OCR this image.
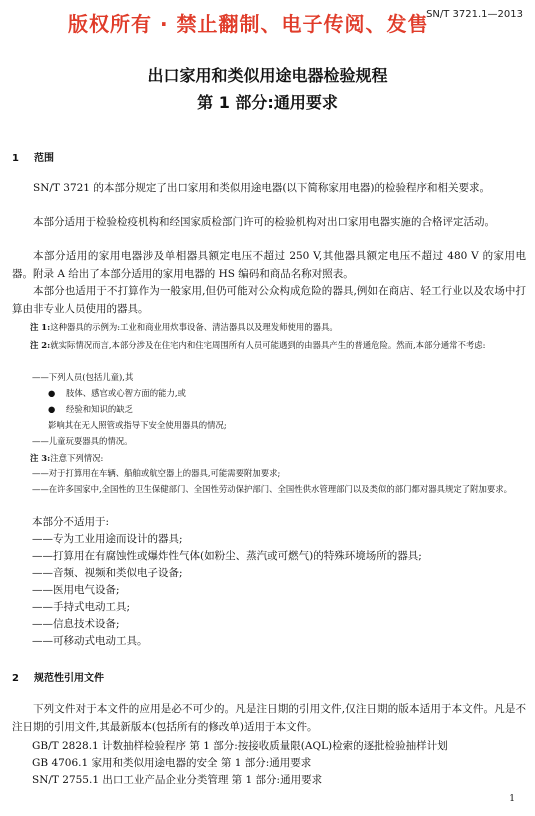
版权所有 · 禁止翻制、电子传阅、发售
SN/T 3721.1—2013
出口家用和类似用途电器检验规程
第 1 部分:通用要求
1 范围
SN/T 3721 的本部分规定了出口家用和类似用途电器(以下简称家用电器)的检验程序和相关要求。
本部分适用于检验检疫机构和经国家质检部门许可的检验机构对出口家用电器实施的合格评定活动。
本部分适用的家用电器涉及单相器具额定电压不超过 250 V,其他器具额定电压不超过 480 V 的家用电器。附录 A 给出了本部分适用的家用电器的 HS 编码和商品名称对照表。
本部分也适用于不打算作为一般家用,但仍可能对公众构成危险的器具,例如在商店、轻工行业以及农场中打算由非专业人员使用的器具。
注 1:这种器具的示例为:工业和商业用炊事设备、清洁器具以及理发师使用的器具。
注 2:就实际情况而言,本部分涉及在住宅内和住宅周围所有人员可能遇到的由器具产生的普通危险。然而,本部分通常不考虑:
——下列人员(包括儿童),其
● 肢体、感官或心智方面的能力,或
● 经验和知识的缺乏
影响其在无人照管或指导下安全使用器具的情况;
——儿童玩耍器具的情况。
注 3:注意下列情况:
——对于打算用在车辆、船舶或航空器上的器具,可能需要附加要求;
——在许多国家中,全国性的卫生保健部门、全国性劳动保护部门、全国性供水管理部门以及类似的部门都对器具规定了附加要求。
本部分不适用于:
——专为工业用途而设计的器具;
——打算用在有腐蚀性或爆炸性气体(如粉尘、蒸汽或可燃气)的特殊环境场所的器具;
——音频、视频和类似电子设备;
——医用电气设备;
——手持式电动工具;
——信息技术设备;
——可移动式电动工具。
2 规范性引用文件
下列文件对于本文件的应用是必不可少的。凡是注日期的引用文件,仅注日期的版本适用于本文件。凡是不注日期的引用文件,其最新版本(包括所有的修改单)适用于本文件。
GB/T 2828.1 计数抽样检验程序 第 1 部分:按接收质量限(AQL)检索的逐批检验抽样计划
GB 4706.1 家用和类似用途电器的安全 第 1 部分:通用要求
SN/T 2755.1 出口工业产品企业分类管理 第 1 部分:通用要求
1
